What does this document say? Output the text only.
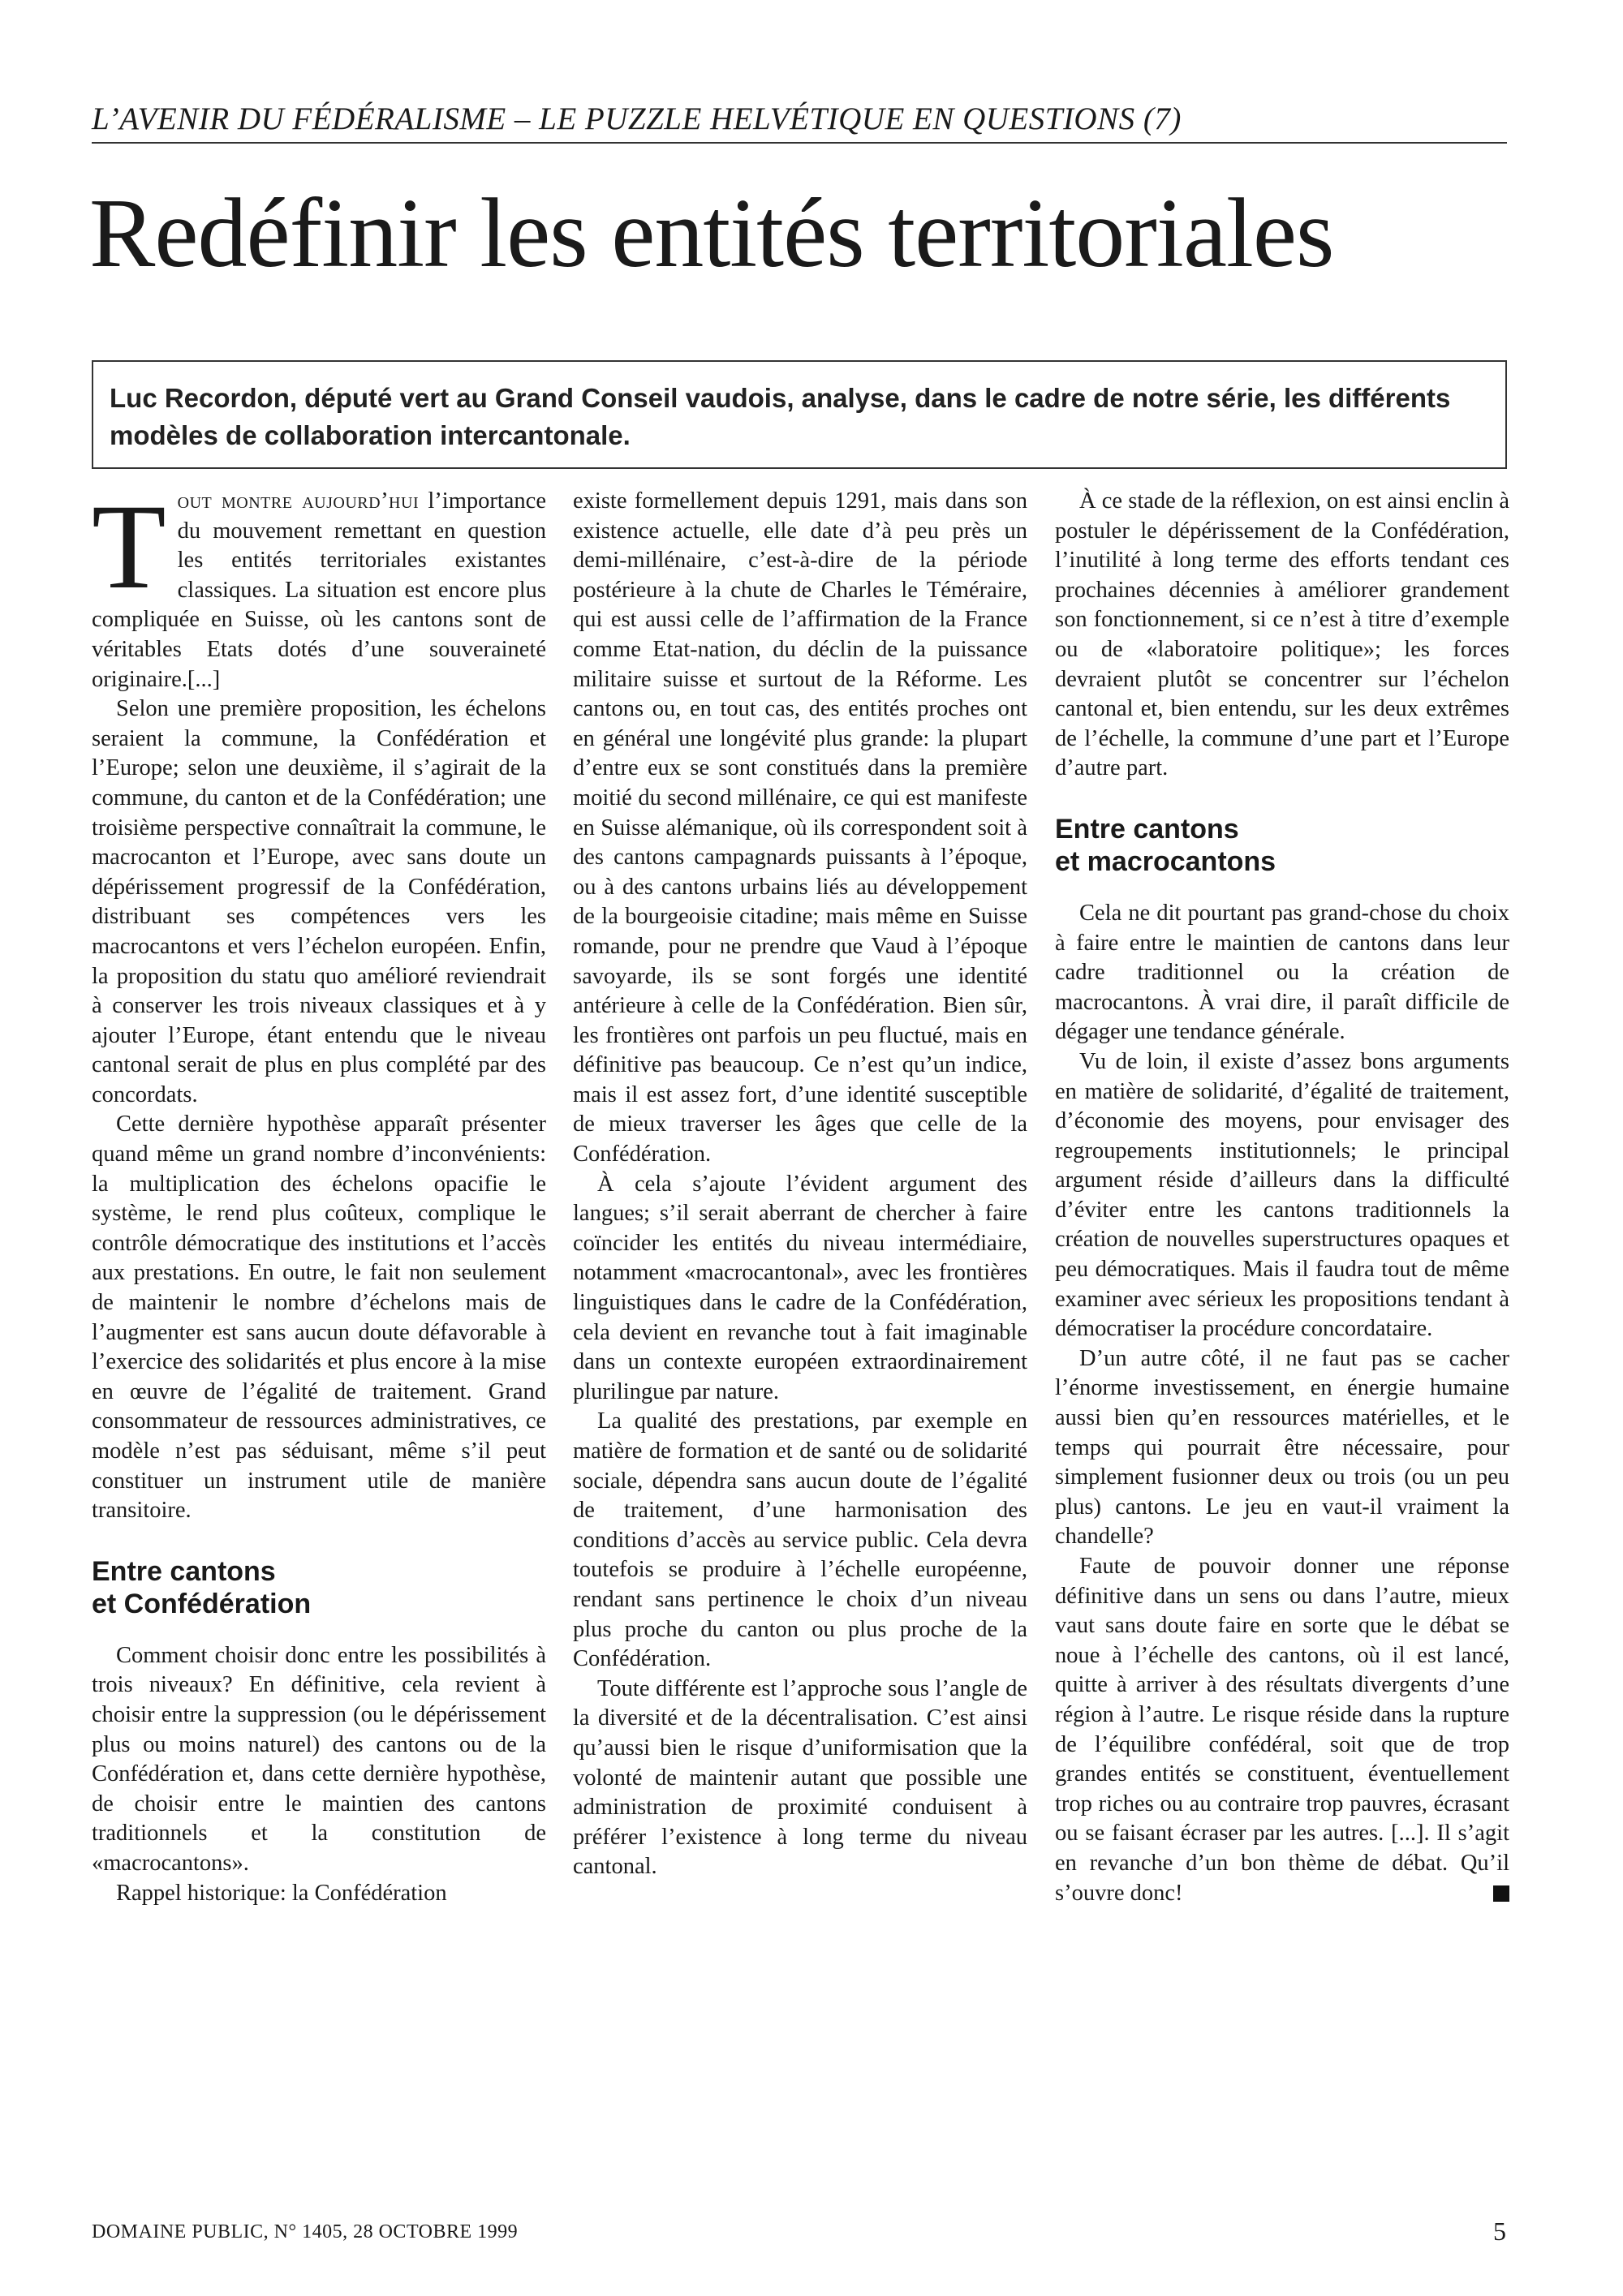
L’AVENIR DU FÉDÉRALISME – LE PUZZLE HELVÉTIQUE EN QUESTIONS (7)
Redéfinir les entités territoriales
Luc Recordon, député vert au Grand Conseil vaudois, analyse, dans le cadre de notre série, les différents modèles de collaboration intercantonale.

Tout montre aujourd’hui l’importance du mouvement remettant en question les entités territoriales existantes classiques. La situation est encore plus compliquée en Suisse, où les cantons sont de véritables Etats dotés d’une souveraineté originaire.[...]

Selon une première proposition, les échelons seraient la commune, la Confédération et l’Europe; selon une deuxième, il s’agirait de la commune, du canton et de la Confédération; une troisième perspective connaîtrait la commune, le macrocanton et l’Europe, avec sans doute un dépérissement progressif de la Confédération, distribuant ses compétences vers les macrocantons et vers l’échelon européen. Enfin, la proposition du statu quo amélioré reviendrait à conserver les trois niveaux classiques et à y ajouter l’Europe, étant entendu que le niveau cantonal serait de plus en plus complété par des concordats.

Cette dernière hypothèse apparaît présenter quand même un grand nombre d’inconvénients: la multiplication des échelons opacifie le système, le rend plus coûteux, complique le contrôle démocratique des institutions et l’accès aux prestations. En outre, le fait non seulement de maintenir le nombre d’échelons mais de l’augmenter est sans aucun doute défavorable à l’exercice des solidarités et plus encore à la mise en œuvre de l’égalité de traitement. Grand consommateur de ressources administratives, ce modèle n’est pas séduisant, même s’il peut constituer un instrument utile de manière transitoire.

Entre cantons
et Confédération

Comment choisir donc entre les possibilités à trois niveaux? En définitive, cela revient à choisir entre la suppression (ou le dépérissement plus ou moins naturel) des cantons ou de la Confédération et, dans cette dernière hypothèse, de choisir entre le maintien des cantons traditionnels et la constitution de «macrocantons».

Rappel historique: la Confédération

existe formellement depuis 1291, mais dans son existence actuelle, elle date d’à peu près un demi-millénaire, c’est-à-dire de la période postérieure à la chute de Charles le Téméraire, qui est aussi celle de l’affirmation de la France comme Etat-nation, du déclin de la puissance militaire suisse et surtout de la Réforme. Les cantons ou, en tout cas, des entités proches ont en général une longévité plus grande: la plupart d’entre eux se sont constitués dans la première moitié du second millénaire, ce qui est manifeste en Suisse alémanique, où ils correspondent soit à des cantons campagnards puissants à l’époque, ou à des cantons urbains liés au développement de la bourgeoisie citadine; mais même en Suisse romande, pour ne prendre que Vaud à l’époque savoyarde, ils se sont forgés une identité antérieure à celle de la Confédération. Bien sûr, les frontières ont parfois un peu fluctué, mais en définitive pas beaucoup. Ce n’est qu’un indice, mais il est assez fort, d’une identité susceptible de mieux traverser les âges que celle de la Confédération.

À cela s’ajoute l’évident argument des langues; s’il serait aberrant de chercher à faire coïncider les entités du niveau intermédiaire, notamment «macrocantonal», avec les frontières linguistiques dans le cadre de la Confédération, cela devient en revanche tout à fait imaginable dans un contexte européen extraordinairement plurilingue par nature.

La qualité des prestations, par exemple en matière de formation et de santé ou de solidarité sociale, dépendra sans aucun doute de l’égalité de traitement, d’une harmonisation des conditions d’accès au service public. Cela devra toutefois se produire à l’échelle européenne, rendant sans pertinence le choix d’un niveau plus proche du canton ou plus proche de la Confédération.

Toute différente est l’approche sous l’angle de la diversité et de la décentralisation. C’est ainsi qu’aussi bien le risque d’uniformisation que la volonté de maintenir autant que possible une administration de proximité conduisent à préférer l’existence à long terme du niveau cantonal.

À ce stade de la réflexion, on est ainsi enclin à postuler le dépérissement de la Confédération, l’inutilité à long terme des efforts tendant ces prochaines décennies à améliorer grandement son fonctionnement, si ce n’est à titre d’exemple ou de «laboratoire politique»; les forces devraient plutôt se concentrer sur l’échelon cantonal et, bien entendu, sur les deux extrêmes de l’échelle, la commune d’une part et l’Europe d’autre part.

Entre cantons
et macrocantons

Cela ne dit pourtant pas grand-chose du choix à faire entre le maintien de cantons dans leur cadre traditionnel ou la création de macrocantons. À vrai dire, il paraît difficile de dégager une tendance générale.

Vu de loin, il existe d’assez bons arguments en matière de solidarité, d’égalité de traitement, d’économie des moyens, pour envisager des regroupements institutionnels; le principal argument réside d’ailleurs dans la difficulté d’éviter entre les cantons traditionnels la création de nouvelles superstructures opaques et peu démocratiques. Mais il faudra tout de même examiner avec sérieux les propositions tendant à démocratiser la procédure concordataire.

D’un autre côté, il ne faut pas se cacher l’énorme investissement, en énergie humaine aussi bien qu’en ressources matérielles, et le temps qui pourrait être nécessaire, pour simplement fusionner deux ou trois (ou un peu plus) cantons. Le jeu en vaut-il vraiment la chandelle?

Faute de pouvoir donner une réponse définitive dans un sens ou dans l’autre, mieux vaut sans doute faire en sorte que le débat se noue à l’échelle des cantons, où il est lancé, quitte à arriver à des résultats divergents d’une région à l’autre. Le risque réside dans la rupture de l’équilibre confédéral, soit que de trop grandes entités se constituent, éventuellement trop riches ou au contraire trop pauvres, écrasant ou se faisant écraser par les autres. [...]. Il s’agit en revanche d’un bon thème de débat. Qu’il s’ouvre donc!

DOMAINE PUBLIC, N° 1405, 28 OCTOBRE 1999	5
